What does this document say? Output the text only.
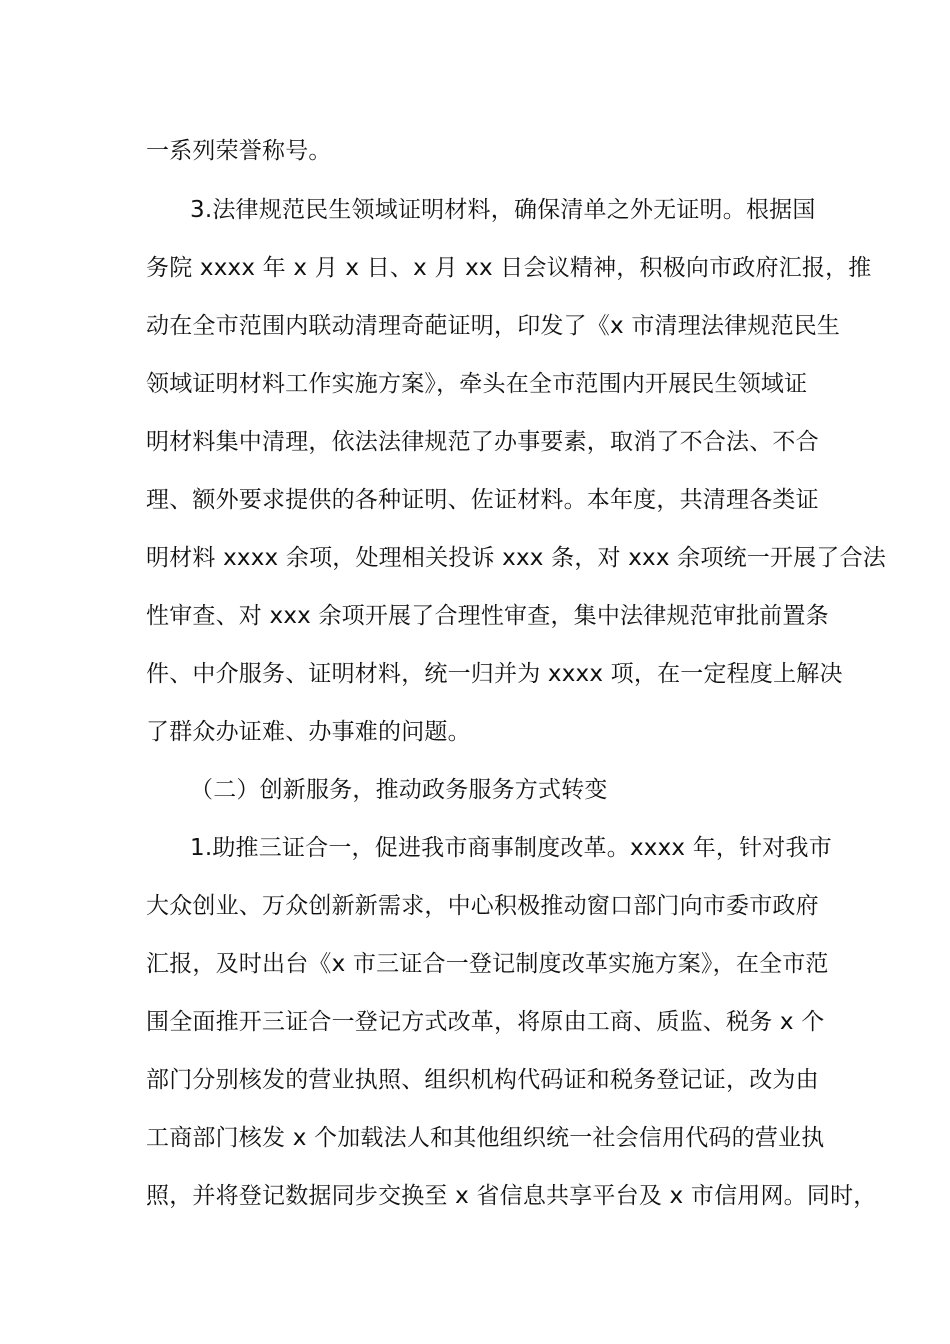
一系列荣誉称号。
3.法律规范民生领域证明材料，确保清单之外无证明。根据国
务院 xxxx 年 x 月 x 日、x 月 xx 日会议精神，积极向市政府汇报，推
动在全市范围内联动清理奇葩证明，印发了《x 市清理法律规范民生
领域证明材料工作实施方案》，牵头在全市范围内开展民生领域证
明材料集中清理，依法法律规范了办事要素，取消了不合法、不合
理、额外要求提供的各种证明、佐证材料。本年度，共清理各类证
明材料 xxxx 余项，处理相关投诉 xxx 条，对 xxx 余项统一开展了合法
性审查、对 xxx 余项开展了合理性审查，集中法律规范审批前置条
件、中介服务、证明材料，统一归并为 xxxx 项，在一定程度上解决
了群众办证难、办事难的问题。
（二）创新服务，推动政务服务方式转变
1.助推三证合一，促进我市商事制度改革。xxxx 年，针对我市
大众创业、万众创新新需求，中心积极推动窗口部门向市委市政府
汇报，及时出台《x 市三证合一登记制度改革实施方案》，在全市范
围全面推开三证合一登记方式改革，将原由工商、质监、税务 x 个
部门分别核发的营业执照、组织机构代码证和税务登记证，改为由
工商部门核发 x 个加载法人和其他组织统一社会信用代码的营业执
照，并将登记数据同步交换至 x 省信息共享平台及 x 市信用网。同时，
